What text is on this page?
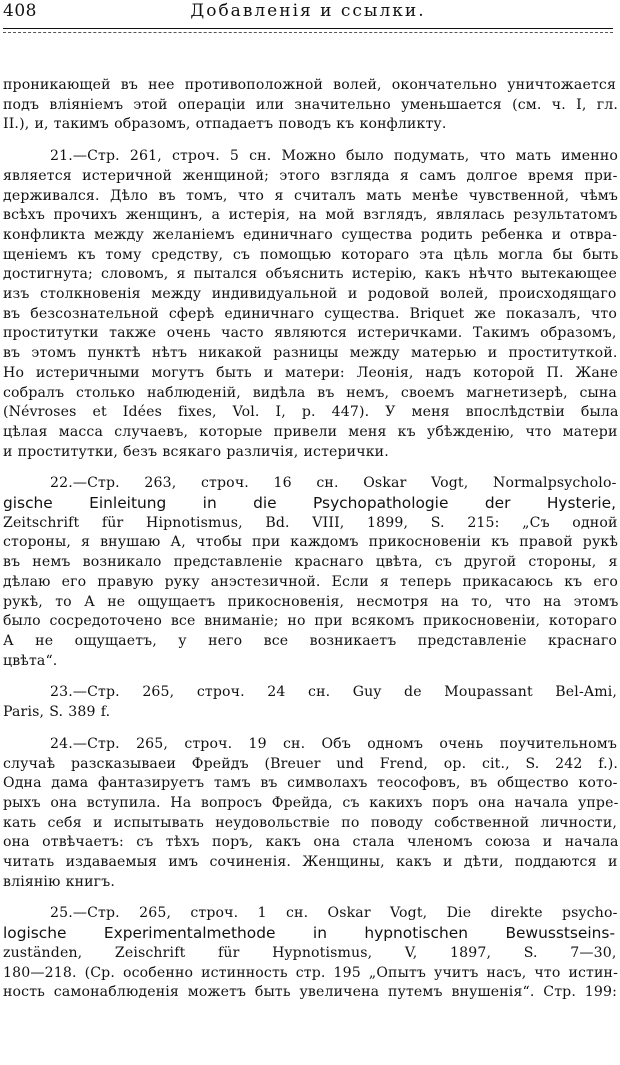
408	Добавленія и ссылки.

проникающей въ нее противоположной волей, окончательно уничтожается
подъ вліяніемъ этой операціи или значительно уменьшается (см. ч. I, гл.
II.), и, такимъ образомъ, отпадаетъ поводъ къ конфликту.

21.—Стр. 261, строч. 5 сн. Можно было подумать, что мать именно
является истеричной женщиной; этого взгляда я самъ долгое время при-
держивался. Дѣло въ томъ, что я считалъ мать менѣе чувственной, чѣмъ
всѣхъ прочихъ женщинъ, а истерія, на мой взглядъ, являлась результатомъ
конфликта между желаніемъ единичнаго существа родить ребенка и отвра-
щеніемъ къ тому средству, съ помощью котораго эта цѣль могла бы быть
достигнута; словомъ, я пытался объяснить истерію, какъ нѣчто вытекающее
изъ столкновенія между индивидуальной и родовой волей, происходящаго
въ безсознательной сферѣ единичнаго существа. Briquet же показалъ, что
проститутки также очень часто являются истеричками. Такимъ образомъ,
въ этомъ пунктѣ нѣтъ никакой разницы между матерью и проституткой.
Но истеричными могутъ быть и матери: Леонія, надъ которой П. Жане
собралъ столько наблюденій, видѣла въ немъ, своемъ магнетизерѣ, сына
(Névroses et Idées fixes, Vol. I, p. 447). У меня впослѣдствіи была
цѣлая масса случаевъ, которые привели меня къ убѣжденію, что матери
и проститутки, безъ всякаго различія, истерички.

22.—Стр. 263, строч. 16 сн. Oskar Vogt, Normalpsycholo-
gische Einleitung in die Psychopathologie der Hysterie,
Zeitschrift für Hipnotismus, Bd. VIII, 1899, S. 215: „Съ одной
стороны, я внушаю А, чтобы при каждомъ прикосновеніи къ правой рукѣ
въ немъ возникало представленіе краснаго цвѣта, съ другой стороны, я
дѣлаю его правую руку анэстезичной. Если я теперь прикасаюсь къ его
рукѣ, то А не ощущаетъ прикосновенія, несмотря на то, что на этомъ
было сосредоточено все вниманіе; но при всякомъ прикосновеніи, котораго
А не ощущаетъ, у него все возникаетъ представленіе краснаго
цвѣта“.

23.—Стр. 265, строч. 24 сн. Guy de Moupassant Bel-Ami,
Paris, S. 389 f.

24.—Стр. 265, строч. 19 сн. Объ одномъ очень поучительномъ
случаѣ разсказываеи Фрейдъ (Breuer und Frend, op. cit., S. 242 f.).
Одна дама фантазируетъ тамъ въ символахъ теософовъ, въ общество кото-
рыхъ она вступила. На вопросъ Фрейда, съ какихъ поръ она начала упре-
кать себя и испытывать неудовольствіе по поводу собственной личности,
она отвѣчаетъ: съ тѣхъ поръ, какъ она стала членомъ союза и начала
читать издаваемыя имъ сочиненія. Женщины, какъ и дѣти, поддаются и
вліянію книгъ.

25.—Стр. 265, строч. 1 сн. Oskar Vogt, Die direkte psycho-
logische Experimentalmethode in hypnotischen Bewusstseins-
zuständen, Zeischrift für Hypnotismus, V, 1897, S. 7—30,
180—218. (Ср. особенно истинность стр. 195 „Опытъ учитъ насъ, что истин-
ность самонаблюденія можетъ быть увеличена путемъ внушенія“. Стр. 199:
